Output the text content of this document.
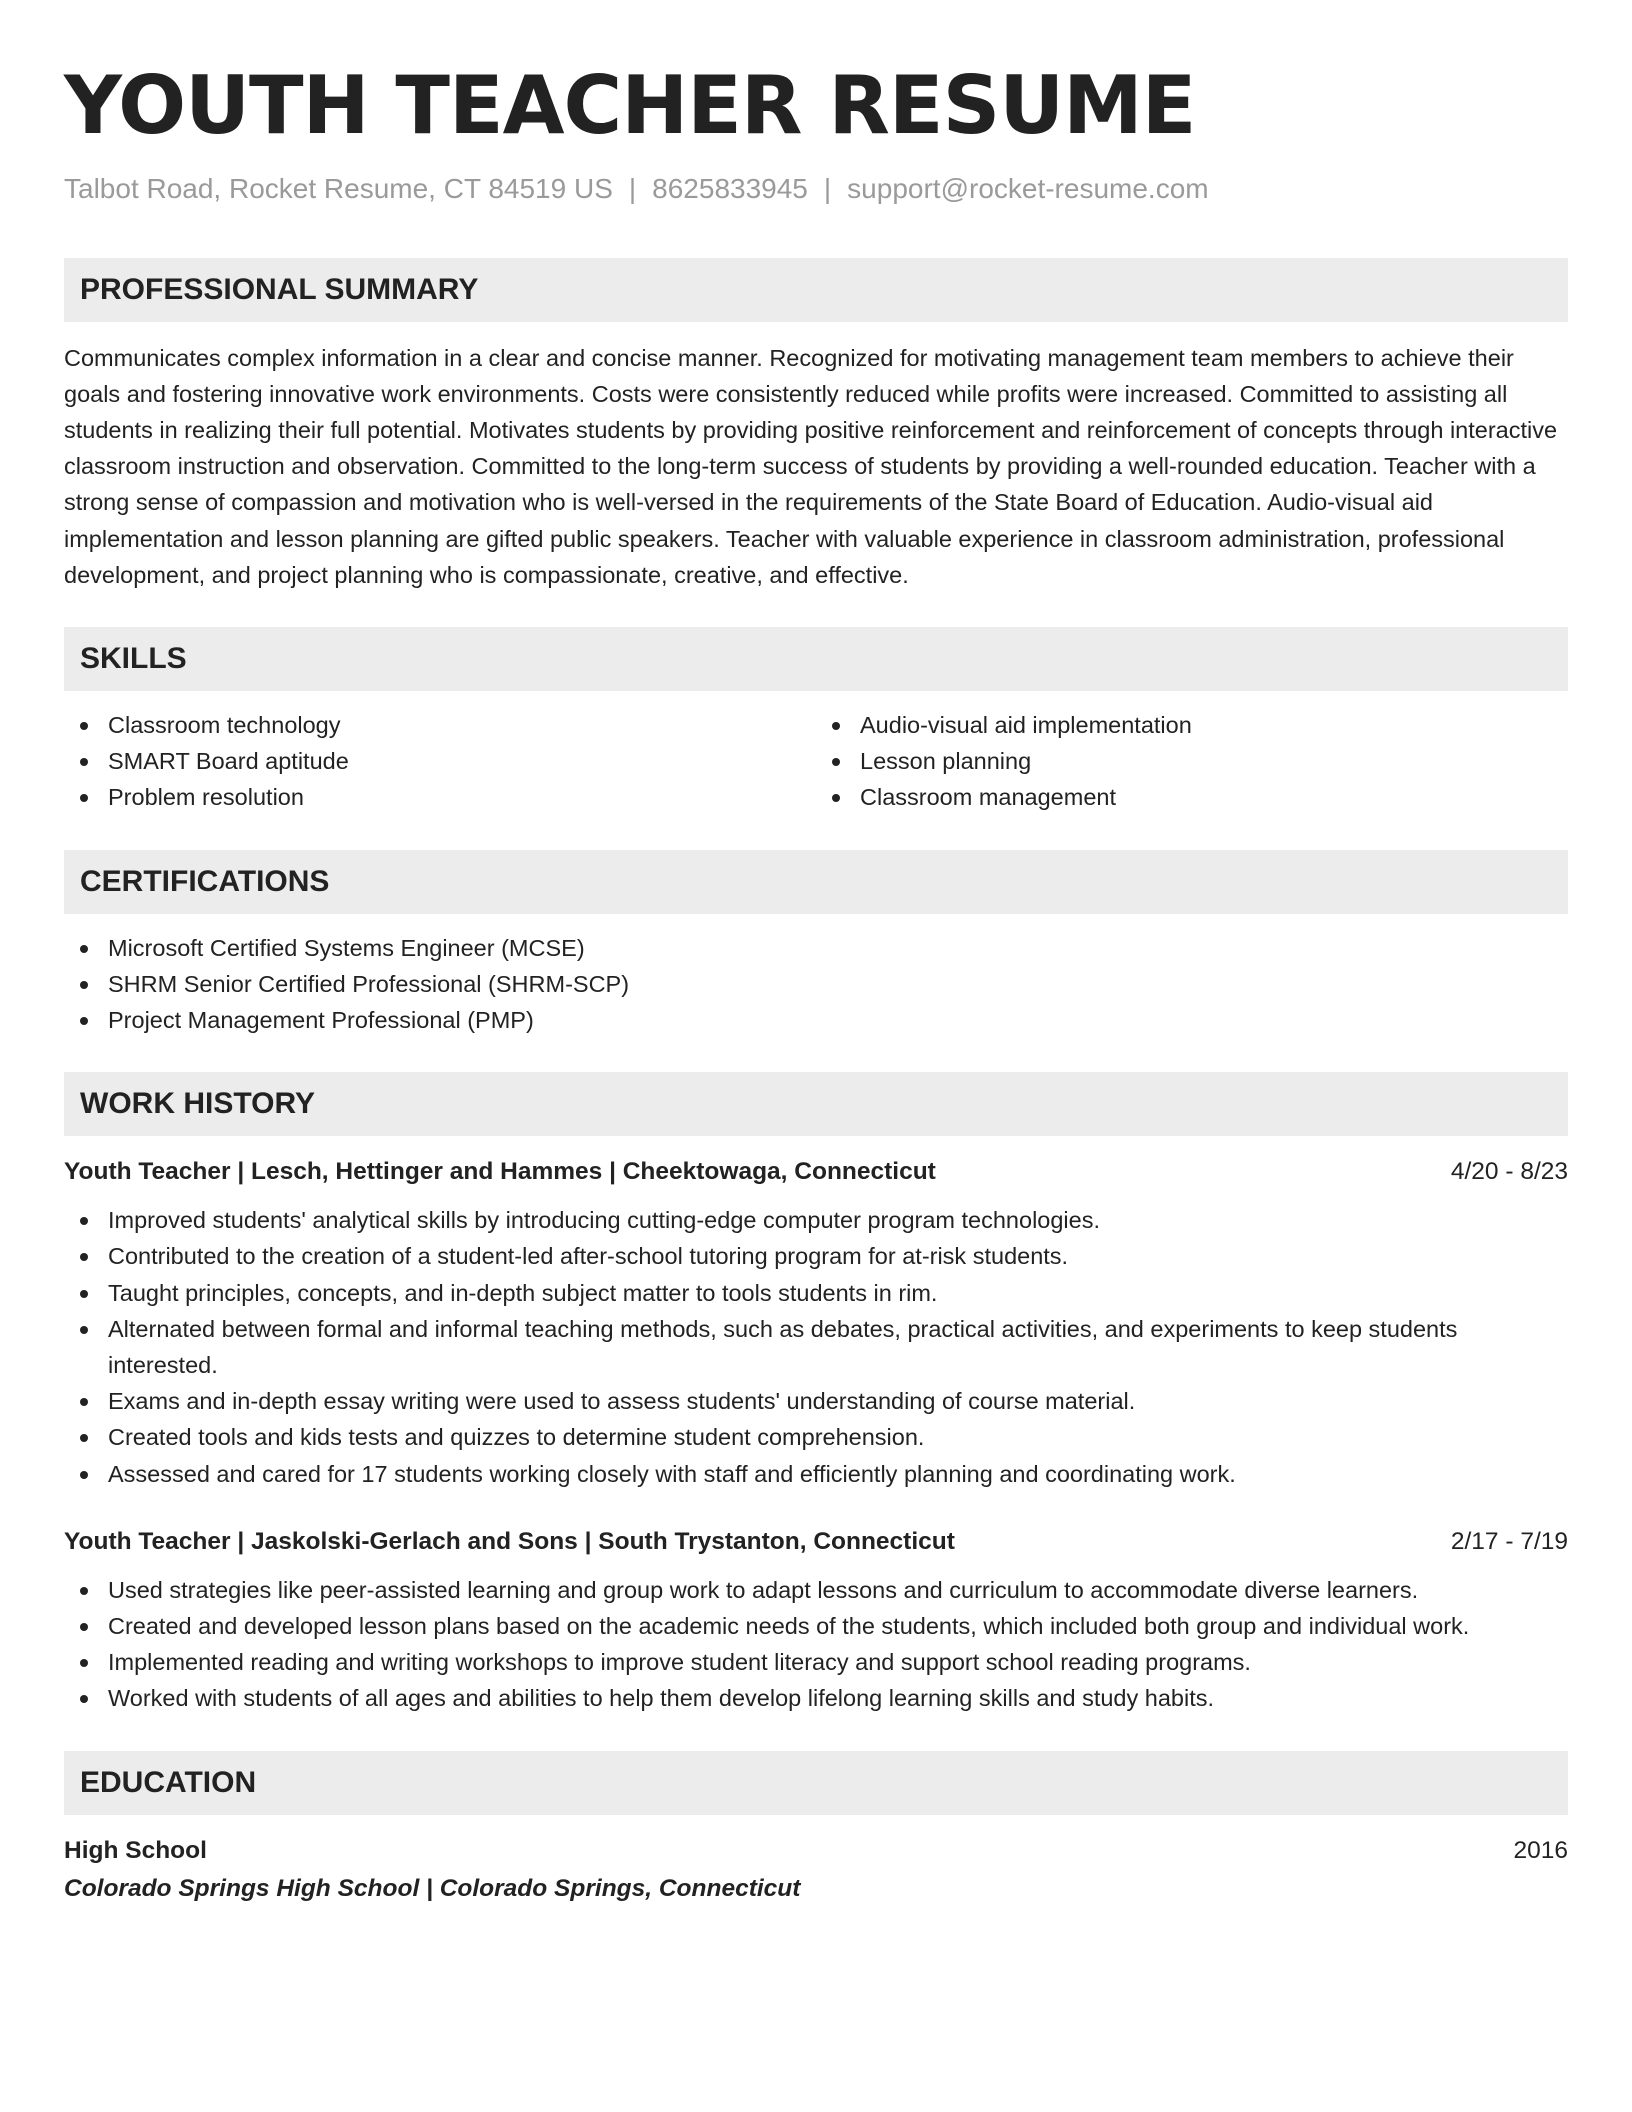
YOUTH TEACHER RESUME
Talbot Road, Rocket Resume, CT 84519 US | 8625833945 | support@rocket-resume.com
PROFESSIONAL SUMMARY

Communicates complex information in a clear and concise manner. Recognized for motivating management team members to achieve their goals and fostering innovative work environments. Costs were consistently reduced while profits were increased. Committed to assisting all students in realizing their full potential. Motivates students by providing positive reinforcement and reinforcement of concepts through interactive classroom instruction and observation. Committed to the long-term success of students by providing a well-rounded education. Teacher with a strong sense of compassion and motivation who is well-versed in the requirements of the State Board of Education. Audio-visual aid implementation and lesson planning are gifted public speakers. Teacher with valuable experience in classroom administration, professional development, and project planning who is compassionate, creative, and effective.

SKILLS
Classroom technology
SMART Board aptitude
Problem resolution
Audio-visual aid implementation
Lesson planning
Classroom management
CERTIFICATIONS
Microsoft Certified Systems Engineer (MCSE)
SHRM Senior Certified Professional (SHRM-SCP)
Project Management Professional (PMP)
WORK HISTORY
Youth Teacher | Lesch, Hettinger and Hammes | Cheektowaga, Connecticut	4/20 - 8/23
Improved students' analytical skills by introducing cutting-edge computer program technologies.
Contributed to the creation of a student-led after-school tutoring program for at-risk students.
Taught principles, concepts, and in-depth subject matter to tools students in rim.
Alternated between formal and informal teaching methods, such as debates, practical activities, and experiments to keep students interested.
Exams and in-depth essay writing were used to assess students' understanding of course material.
Created tools and kids tests and quizzes to determine student comprehension.
Assessed and cared for 17 students working closely with staff and efficiently planning and coordinating work.
Youth Teacher | Jaskolski-Gerlach and Sons | South Trystanton, Connecticut	2/17 - 7/19
Used strategies like peer-assisted learning and group work to adapt lessons and curriculum to accommodate diverse learners.
Created and developed lesson plans based on the academic needs of the students, which included both group and individual work.
Implemented reading and writing workshops to improve student literacy and support school reading programs.
Worked with students of all ages and abilities to help them develop lifelong learning skills and study habits.
EDUCATION
High School	2016
Colorado Springs High School | Colorado Springs, Connecticut
